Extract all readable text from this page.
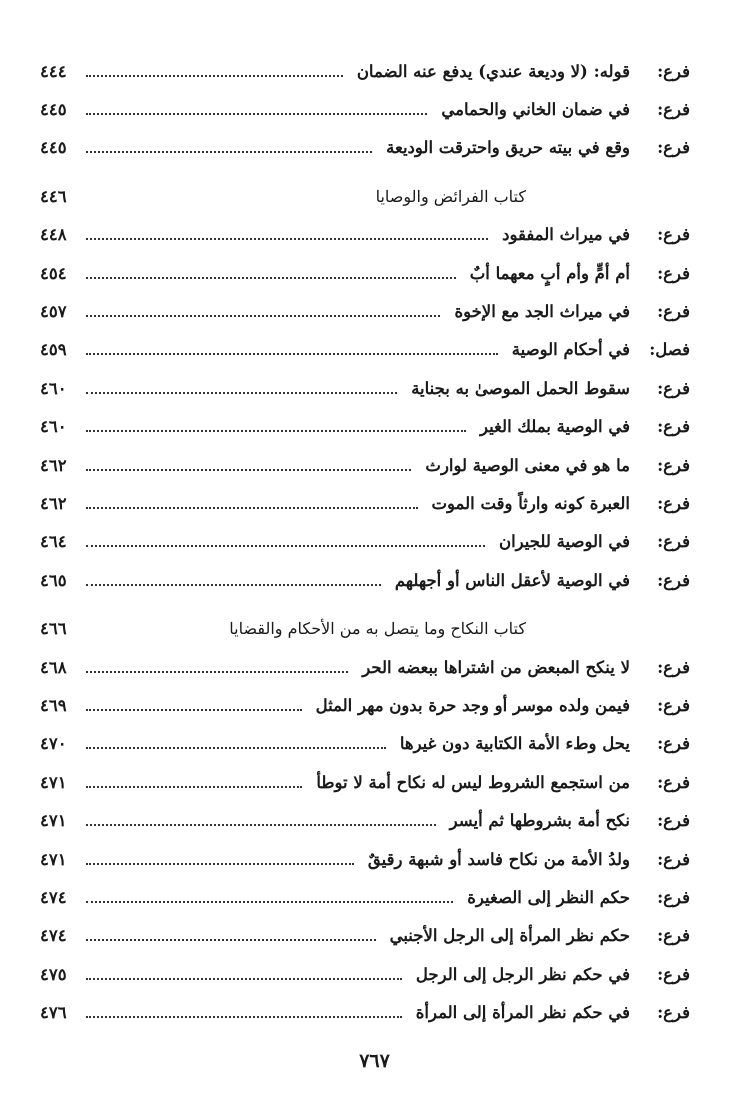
فرع:
قوله: (لا وديعة عندي) يدفع عنه الضمان
٤٤٤
فرع:
في ضمان الخاني والحمامي
٤٤٥
فرع:
وقع في بيته حريق واحترقت الوديعة
٤٤٥
كتاب الفرائض والوصايا
٤٤٦
فرع:
في ميراث المفقود
٤٤٨
فرع:
أم أمٍّ وأم أبٍ معهما أبٌ
٤٥٤
فرع:
في ميراث الجد مع الإخوة
٤٥٧
فصل:
في أحكام الوصية
٤٥٩
فرع:
سقوط الحمل الموصىٰ به بجناية
٤٦٠
فرع:
في الوصية بملك الغير
٤٦٠
فرع:
ما هو في معنى الوصية لوارث
٤٦٢
فرع:
العبرة كونه وارثاً وقت الموت
٤٦٢
فرع:
في الوصية للجيران
٤٦٤
فرع:
في الوصية لأعقل الناس أو أجهلهم
٤٦٥
كتاب النكاح وما يتصل به من الأحكام والقضايا
٤٦٦
فرع:
لا ينكح المبعض من اشتراها ببعضه الحر
٤٦٨
فرع:
فيمن ولده موسر أو وجد حرة بدون مهر المثل
٤٦٩
فرع:
يحل وطء الأمة الكتابية دون غيرها
٤٧٠
فرع:
من استجمع الشروط ليس له نكاح أمة لا توطأ
٤٧١
فرع:
نكح أمة بشروطها ثم أيسر
٤٧١
فرع:
ولدُ الأمة من نكاح فاسد أو شبهة رقيقٌ
٤٧١
فرع:
حكم النظر إلى الصغيرة
٤٧٤
فرع:
حكم نظر المرأة إلى الرجل الأجنبي
٤٧٤
فرع:
في حكم نظر الرجل إلى الرجل
٤٧٥
فرع:
في حكم نظر المرأة إلى المرأة
٤٧٦
٧٦٧
